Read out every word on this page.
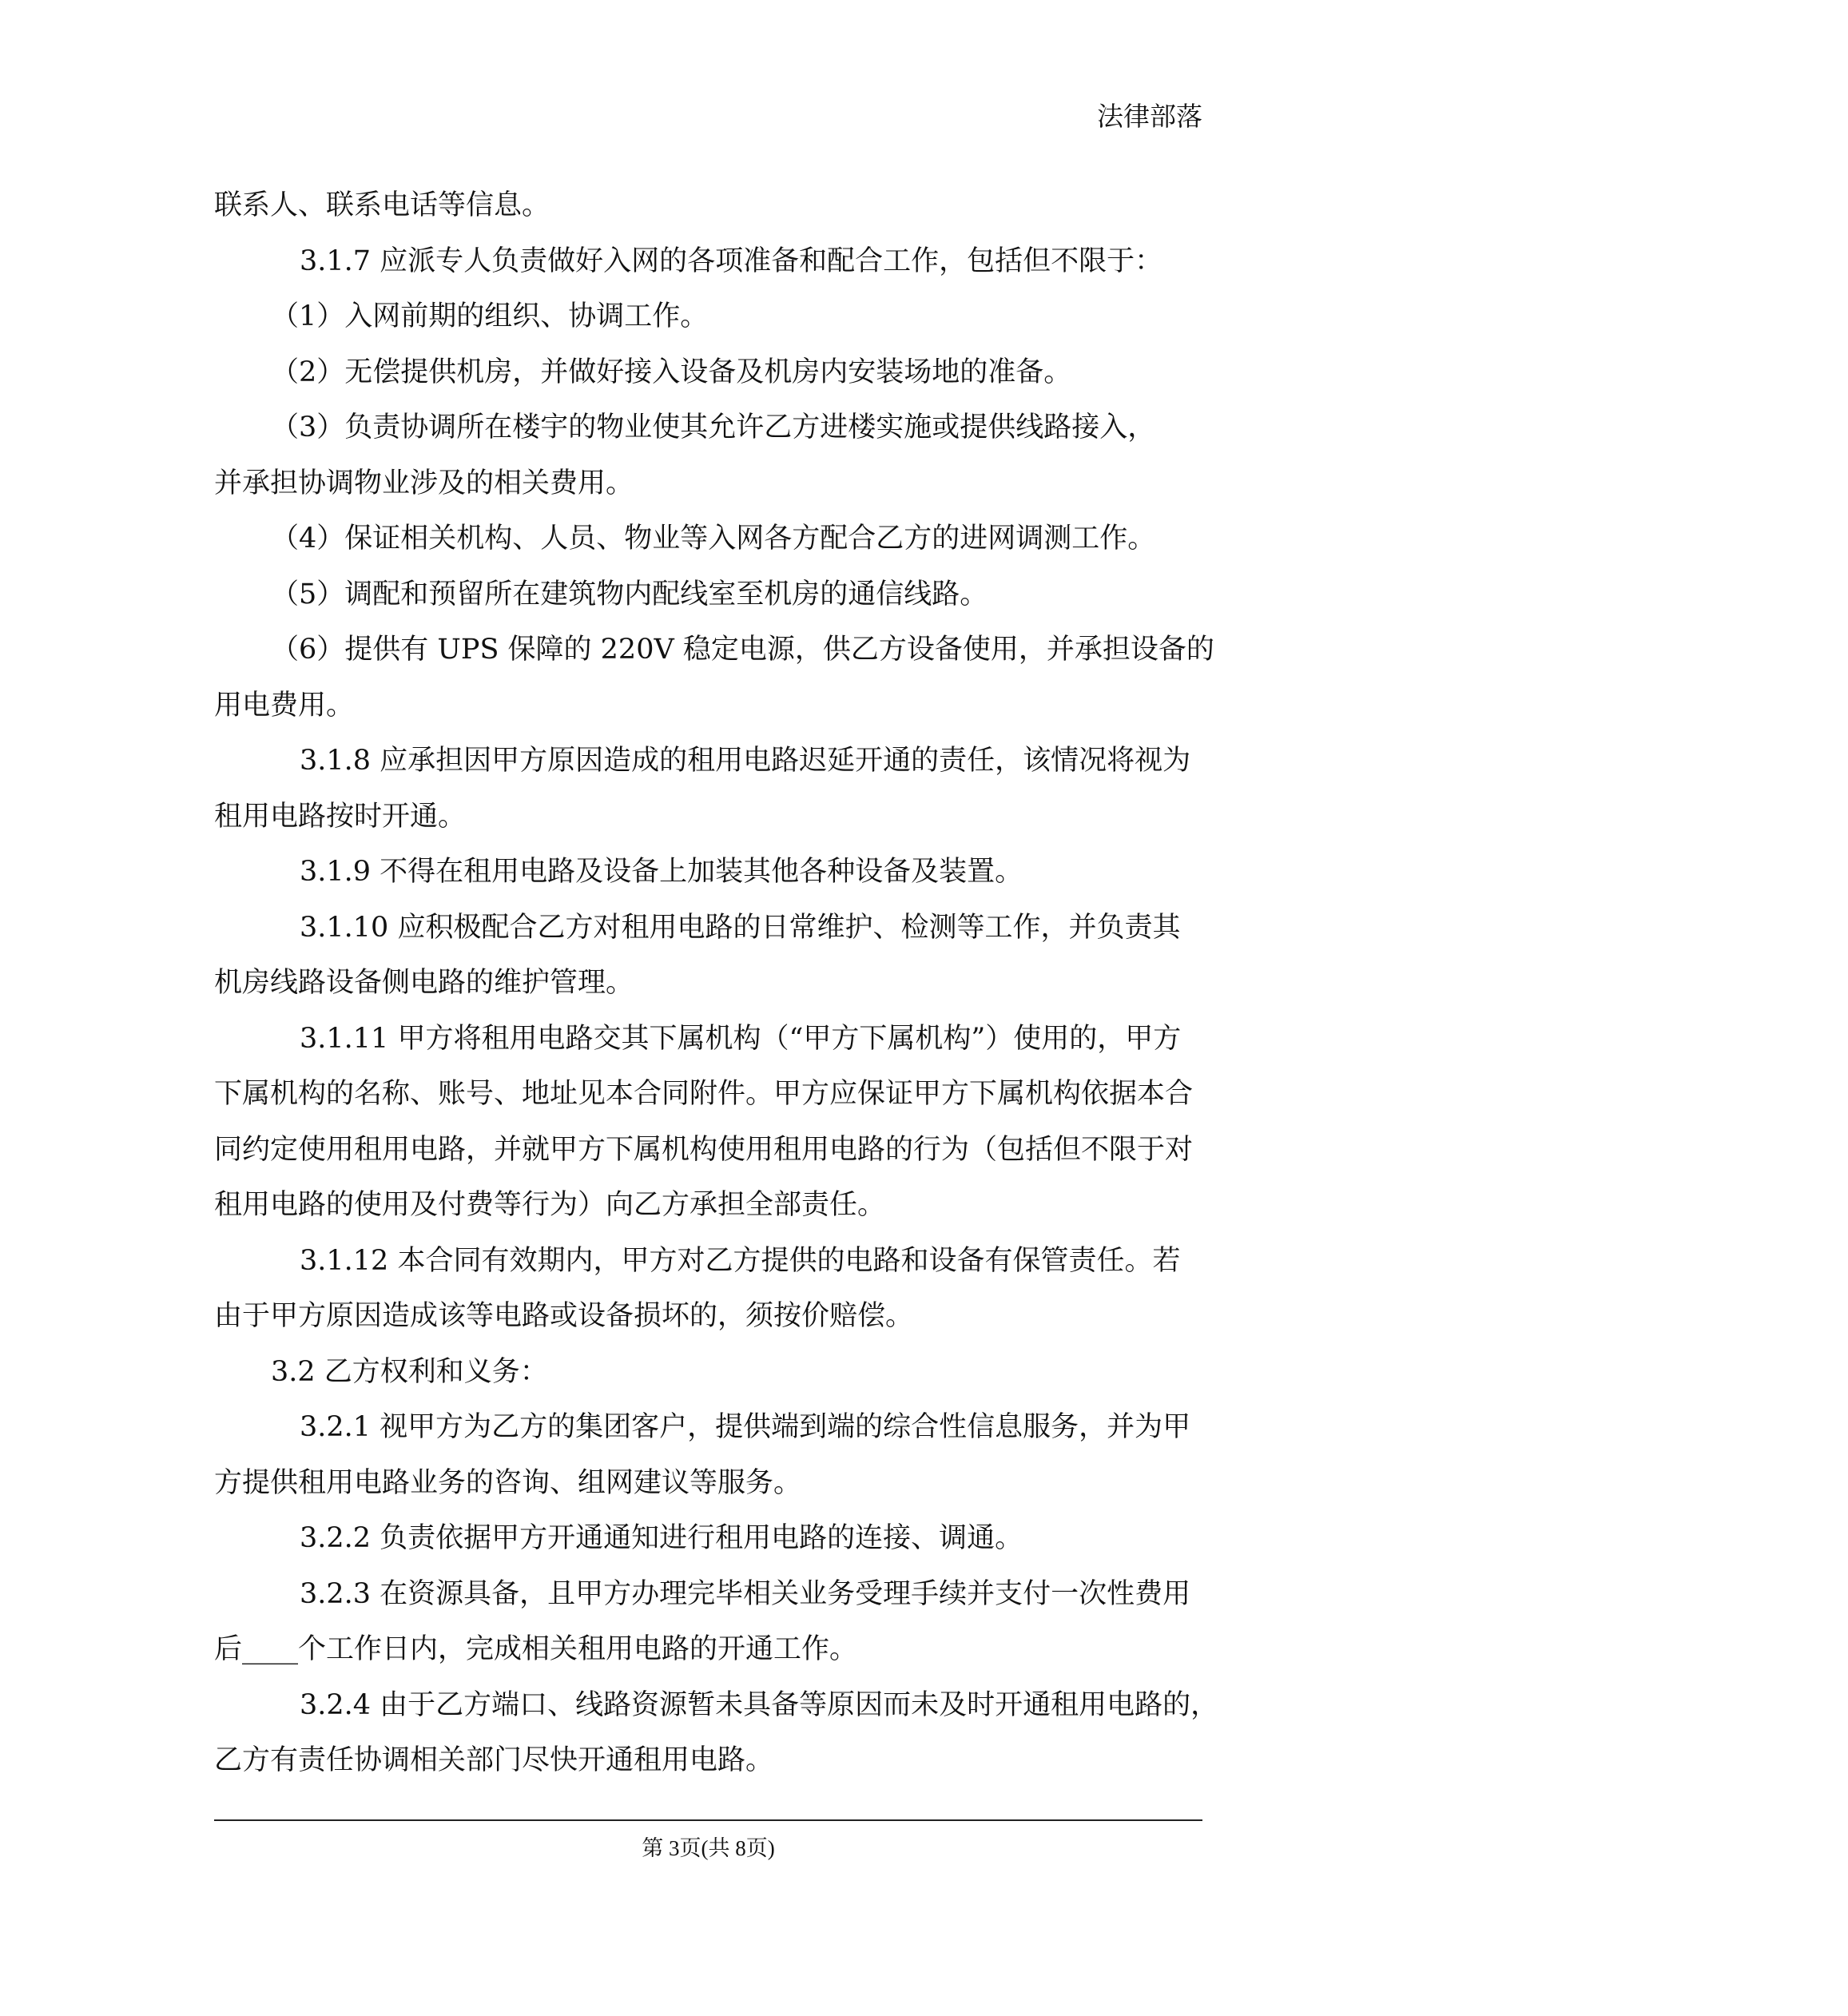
法律部落
联系人、联系电话等信息。
3.1.7 应派专人负责做好入网的各项准备和配合工作，包括但不限于：
（1）入网前期的组织、协调工作。
（2）无偿提供机房，并做好接入设备及机房内安装场地的准备。
（3）负责协调所在楼宇的物业使其允许乙方进楼实施或提供线路接入，
并承担协调物业涉及的相关费用。
（4）保证相关机构、人员、物业等入网各方配合乙方的进网调测工作。
（5）调配和预留所在建筑物内配线室至机房的通信线路。
（6）提供有 UPS 保障的 220V 稳定电源，供乙方设备使用，并承担设备的
用电费用。
3.1.8 应承担因甲方原因造成的租用电路迟延开通的责任，该情况将视为
租用电路按时开通。
3.1.9 不得在租用电路及设备上加装其他各种设备及装置。
3.1.10 应积极配合乙方对租用电路的日常维护、检测等工作，并负责其
机房线路设备侧电路的维护管理。
3.1.11 甲方将租用电路交其下属机构（“甲方下属机构”）使用的，甲方
下属机构的名称、账号、地址见本合同附件。甲方应保证甲方下属机构依据本合
同约定使用租用电路，并就甲方下属机构使用租用电路的行为（包括但不限于对
租用电路的使用及付费等行为）向乙方承担全部责任。
3.1.12 本合同有效期内，甲方对乙方提供的电路和设备有保管责任。若
由于甲方原因造成该等电路或设备损坏的，须按价赔偿。
3.2 乙方权利和义务：
3.2.1 视甲方为乙方的集团客户，提供端到端的综合性信息服务，并为甲
方提供租用电路业务的咨询、组网建议等服务。
3.2.2 负责依据甲方开通通知进行租用电路的连接、调通。
3.2.3 在资源具备，且甲方办理完毕相关业务受理手续并支付一次性费用
后____个工作日内，完成相关租用电路的开通工作。
3.2.4 由于乙方端口、线路资源暂未具备等原因而未及时开通租用电路的，
乙方有责任协调相关部门尽快开通租用电路。
第 3页(共 8页)
